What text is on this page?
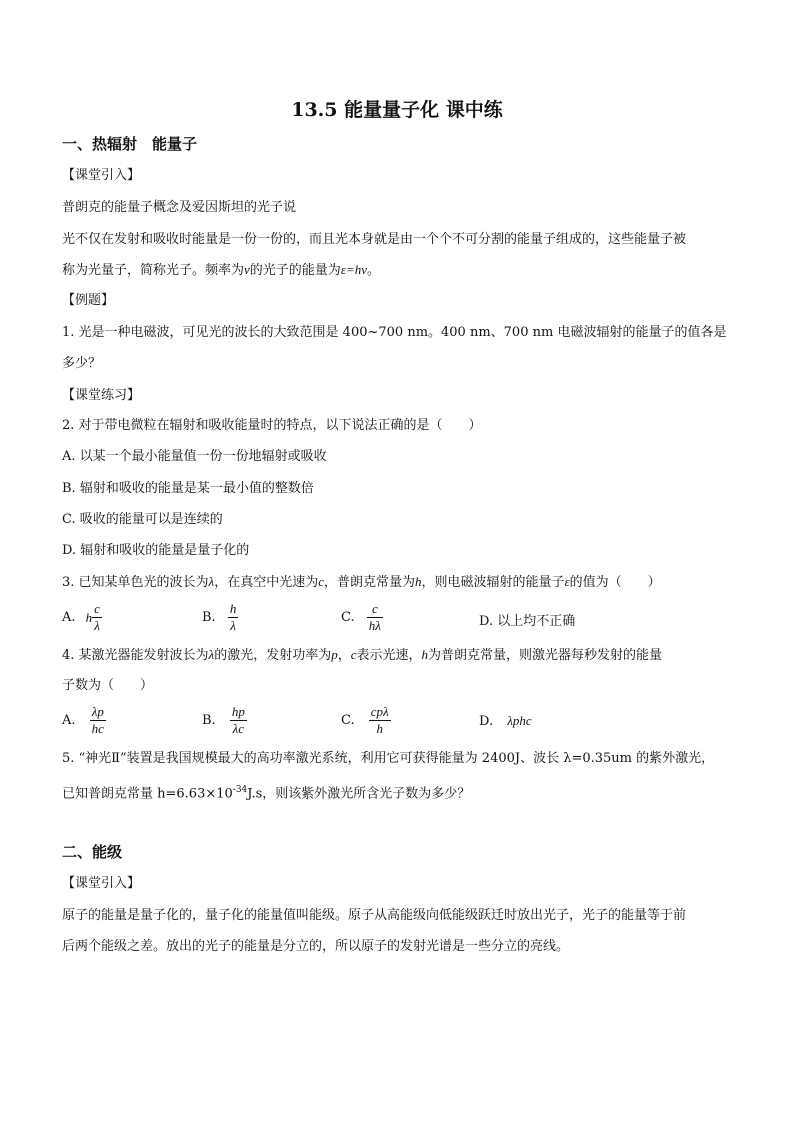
13.5 能量量子化 课中练
一、热辐射　能量子
【课堂引入】
普朗克的能量子概念及爱因斯坦的光子说
光不仅在发射和吸收时能量是一份一份的，而且光本身就是由一个个不可分割的能量子组成的，这些能量子被
称为光量子，简称光子。频率为ν的光子的能量为ε=hν。
【例题】
1. 光是一种电磁波，可见光的波长的大致范围是 400~700 nm。400 nm、700 nm 电磁波辐射的能量子的值各是
多少？
【课堂练习】
2. 对于带电微粒在辐射和吸收能量时的特点，以下说法正确的是（　　）
A. 以某一个最小能量值一份一份地辐射或吸收
B. 辐射和吸收的能量是某一最小值的整数倍
C. 吸收的能量可以是连续的
D. 辐射和吸收的能量是量子化的
3. 已知某单色光的波长为λ，在真空中光速为c，普朗克常量为h，则电磁波辐射的能量子ε的值为（　　）
A. h $\frac{c}{\lambda}$	B. $\frac{h}{\lambda}$	C. $\frac{c}{h\lambda}$	D. 以上均不正确
4. 某激光器能发射波长为λ的激光，发射功率为p，c表示光速，h为普朗克常量，则激光器每秒发射的能量
子数为（　　）
A. $\frac{\lambda p}{hc}$	B. $\frac{hp}{\lambda c}$	C. $\frac{\text{cpλ}}{h}$	D. λphc
5. “神光Ⅱ”装置是我国规模最大的高功率激光系统，利用它可获得能量为 2400J、波长 λ=0.35um 的紫外激光，
已知普朗克常量 $h=6.63\times 10^{-34}J.s$，则该紫外激光所含光子数为多少？
二、能级
【课堂引入】
原子的能量是量子化的，量子化的能量值叫能级。原子从高能级向低能级跃迁时放出光子，光子的能量等于前
后两个能级之差。放出的光子的能量是分立的，所以原子的发射光谱是一些分立的亮线。
